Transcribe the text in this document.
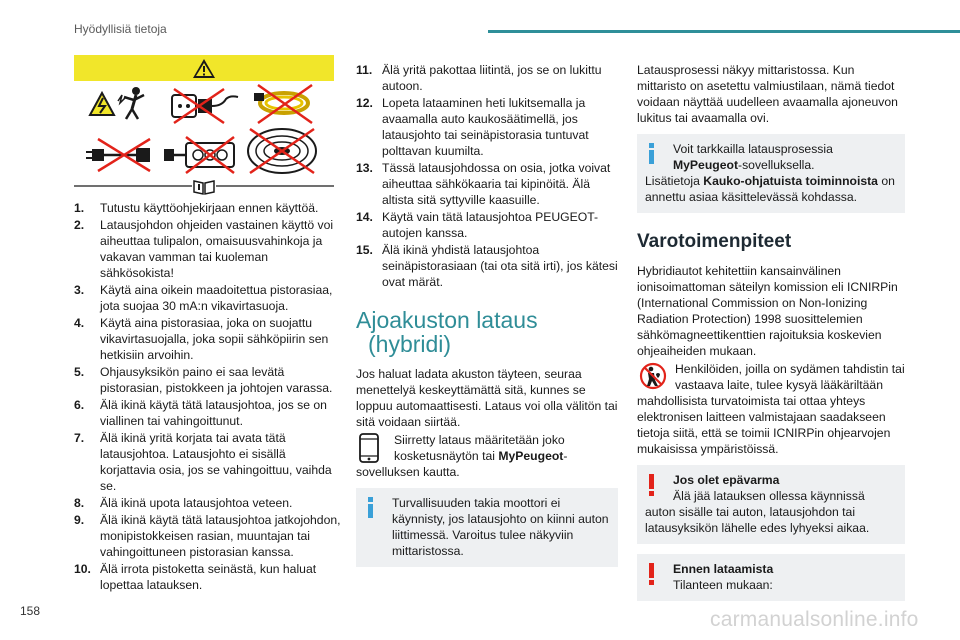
Hyödyllisiä tietoja
1.	Tutustu käyttöohjekirjaan ennen käyttöä.
2.	Latausjohdon ohjeiden vastainen käyttö voi aiheuttaa tulipalon, omaisuusvahinkoja ja vakavan vamman tai kuoleman sähkösokista!
3.	Käytä aina oikein maadoitettua pistorasiaa, jota suojaa 30 mA:n vikavirtasuoja.
4.	Käytä aina pistorasiaa, joka on suojattu vikavirtasuojalla, joka sopii sähköpiirin sen hetkisiin arvoihin.
5.	Ohjausyksikön paino ei saa levätä pistorasian, pistokkeen ja johtojen varassa.
6.	Älä ikinä käytä tätä latausjohtoa, jos se on viallinen tai vahingoittunut.
7.	Älä ikinä yritä korjata tai avata tätä latausjohtoa. Latausjohto ei sisällä korjattavia osia, jos se vahingoittuu, vaihda se.
8.	Älä ikinä upota latausjohtoa veteen.
9.	Älä ikinä käytä tätä latausjohtoa jatkojohdon, monipistokkeisen rasian, muuntajan tai vahingoittuneen pistorasian kanssa.
10. Älä irrota pistoketta seinästä, kun haluat lopettaa latauksen.
11. Älä yritä pakottaa liitintä, jos se on lukittu autoon.
12. Lopeta lataaminen heti lukitsemalla ja avaamalla auto kaukosäätimellä, jos latausjohto tai seinäpistorasia tuntuvat polttavan kuumilta.
13. Tässä latausjohdossa on osia, jotka voivat aiheuttaa sähkökaaria tai kipinöitä. Älä altista sitä syttyville kaasuille.
14. Käytä vain tätä latausjohtoa PEUGEOT-autojen kanssa.
15. Älä ikinä yhdistä latausjohtoa seinäpistorasiaan (tai ota sitä irti), jos kätesi ovat märät.
Ajoakuston lataus
(hybridi)

Jos haluat ladata akuston täyteen, seuraa menettelyä keskeyttämättä sitä, kunnes se loppuu automaattisesti. Lataus voi olla välitön tai sitä voidaan siirtää.

Siirretty lataus määritetään joko kosketusnäytön tai MyPeugeot-
sovelluksen kautta.
Turvallisuuden takia moottori ei käynnisty, jos latausjohto on kiinni auton liittimessä. Varoitus tulee näkyviin mittaristossa.

Latausprosessi näkyy mittaristossa. Kun mittaristo on asetettu valmiustilaan, nämä tiedot voidaan näyttää uudelleen avaamalla ajoneuvon lukitus tai avaamalla ovi.

Voit tarkkailla latausprosessia MyPeugeot-sovelluksella.
Lisätietoja Kauko-ohjatuista toiminnoista on annettu asiaa käsittelevässä kohdassa.
Varotoimenpiteet

Hybridiautot kehitettiin kansainvälinen ionisoimattoman säteilyn komission eli ICNIRPin (International Commission on Non-Ionizing Radiation Protection) 1998 suosittelemien sähkömagneettikenttien rajoituksia koskevien ohjeaiheiden mukaan.

Henkilöiden, joilla on sydämen tahdistin tai vastaava laite, tulee kysyä lääkäriltään
mahdollisista turvatoimista tai ottaa yhteys elektronisen laitteen valmistajaan saadakseen tietoja siitä, että se toimii ICNIRPin ohjearvojen mukaisissa ympäristöissä.
Jos olet epävarma
Älä jää latauksen ollessa käynnissä
auton sisälle tai auton, latausjohdon tai latausyksikön lähelle edes lyhyeksi aikaa.
Ennen lataamista
Tilanteen mukaan:
158	carmanualsonline.info
